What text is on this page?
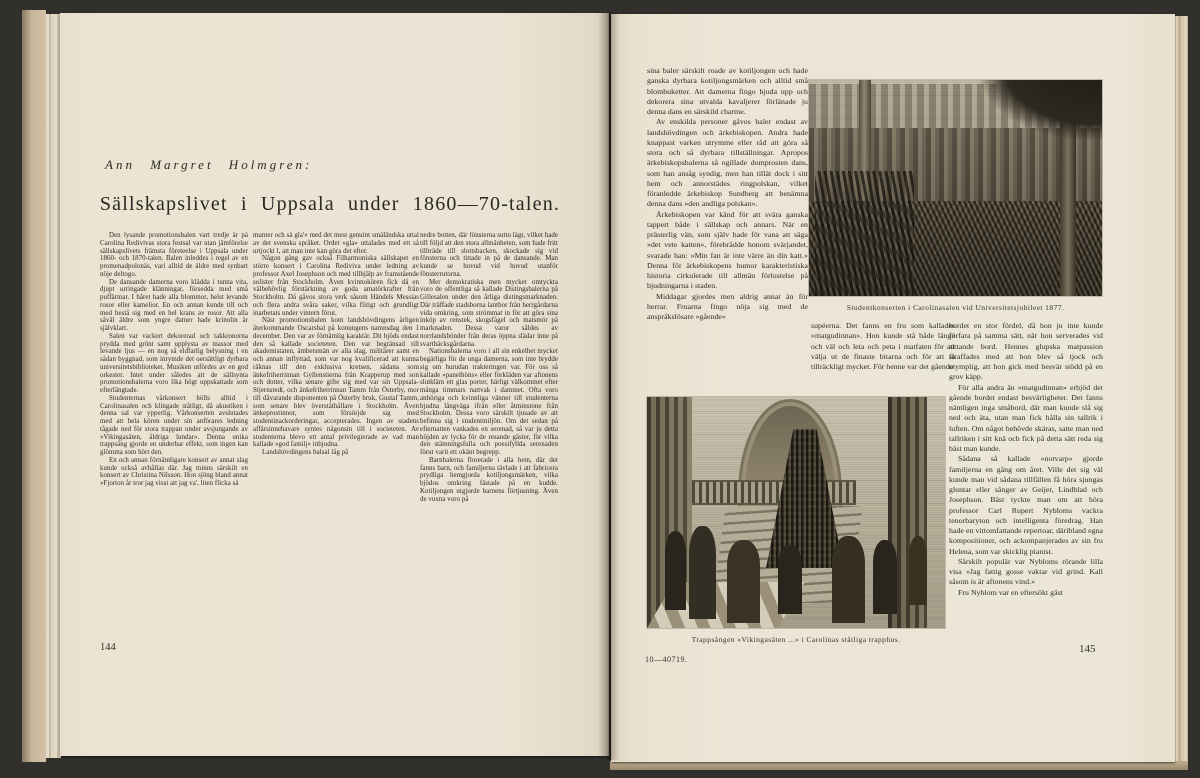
Ann Margret Holmgren:
Sällskapslivet i Uppsala under 1860—70-talen.

Den lysande promotionsbalen vart tredje år på Carolina Redivivas stora festsal var utan jämförelse sällskapslivets främsta företeelse i Uppsala under 1860- och 1870-talen. Balen inleddes i regel av en promenadpolonäs, vari alltid de äldre med synbart nöje deltogo.

De dansande damerna voro klädda i tunna vita, djupt urringade klänningar, försedda med små puffärmar. I håret hade alla blommor, helst levande rosor eller kamelior. En och annan kunde till och med bestå sig med en hel krans av rosor. Att alla såväl äldre som yngre damer hade krinolin är självklart.

Salen var vackert dekorerad och takkronorna prydda med grönt samt upplysta av massor med levande ljus — en nog så eldfarlig belysning i en sådan byggnad, som inrymde det oersättligt dyrbara universitetsbiblioteket. Musiken utfördes av en god orkester. Intet under således att de sällsynta promotionsbalerna voro lika högt uppskattade som efterlängtade.

Studenternas vårkonsert hölls alltid i Carolinasalen och klingade ståtligt, då akustiken i denna sal var ypperlig. Vårkonserten avslutades med att hela kören under sin anförares ledning tågade ned för stora trappan under avsjungande av »Vikingasäten, åldriga lundar». Denna unika trappsång gjorde en underbar effekt, som ingen kan glömma som hört den.

En och annan förnämligare konsert av annat slag kunde också avhållas där. Jag minns särskilt en konsert av Christina Nilsson. Hon sjöng bland annat »Fjorton år tror jag visst att jag va', liten flicka så

munter och så gla'» med det mest genuint småländska uttal av det svenska språket. Ordet »gla» uttalades med ett så urtjockt l, att man inte kan göra det efter.

Någon gång gav också Filharmoniska sällskapet en större konsert i Carolina Rediviva under ledning av professor Axel Josephson och med tillhjälp av framstående solister från Stockholm. Även kvinnokören fick då en välbehövlig förstärkning av goda amatörkrafter från Stockholm. Då gåvos stora verk såsom Händels Messias och flera andra svåra saker, vilka flitigt och grundligt inarbetats under vintern förut.

Näst promotionsbalen kom landshövdingens årligen återkommande Oscarsbal på konungens namnsdag den 1 december. Den var av förnämlig karaktär. Dit bjöds endast den så kallade societeten. Den var begränsad till akademistaten, ämbetsmän av alla slag, militärer samt en och annan inflyttad, som var nog kvalificerad att kunna räknas till den exklusiva kretsen, sådana som änkefriherrinnan Gyllenstierna från Krapperup med son och dotter, vilka senare gifte sig med var sin Uppsala-Stjernstedt, och änkefriherrinnan Tamm från Österby, mor till dåvarande disponenten på Österby bruk, Gustaf Tamm, som senare blev överståthållare i Stockholm. Även änkeprostinnor, som försörjde sig med studentinackorderingar, accepterades. Ingen av stadens affärsinnehavare syntes någonsin till i societeten. Av studenterna blevo ett antal privilegierade av vad man kallade »god familj» inbjudna.

Landshövdingens balsal låg på

nedre botten, där fönsterna sutto lågt, vilket hade till följd att den stora allmänheten, som hade fritt tillträde till slottsbacken, skockade sig vid fönsterna och tittade in på de dansande. Man kunde se huvud vid huvud utanför fönsterrutorna.

Mer demokratiska men mycket omtyckta voro de offentliga så kallade Distingsbalerna på Gillesalen under den årliga distingsmarknaden. Där träffade stadsborna lantbor från herrgårdarna vida omkring, som strömmat in för att göra sina inköp av renstek, skogsfågel och matsmör på marknaden. Dessa varor såldes av norrlandsbönder från deras öppna slädar inne på svartbäcksgårdarna.

Nationsbalerna voro i all sin enkelhet mycket begärliga för de unga damerna, som inte brydde sig om hurudan trakteringen var. För oss så kallade »panelhöns» eller förkläden var aftonens slutkläm ett glas porter, härligt välkommet efter många timmars nattvak i dammet. Ofta voro anhöriga och kvinnliga vänner till studenterna bjudna långväga ifrån eller åtminstone från Stockholm. Dessa voro särskilt tjusade av att befinna sig i studentmiljön. Om det sedan på efternatten vankades en serenad, så var ju detta höjden av lycka för de resande gäster, för vilka den stämningsfulla och poesifyllda serenaden förut varit ett okänt begrepp.

Barnbalerna florerade i alla hem, där det fanns barn, och familjerna tävlade i att fabricera prydliga hemgjorda kotiljongsmärken, vilka bjödos omkring fästade på en kudde. Kotiljongen utgjorde barnens förtjusning. Även de vuxna voro på

144

sina baler särskilt roade av kotiljongen och hade ganska dyrbara kotiljongsmärken och alltid små blombuketter. Att damerna fingo bjuda upp och dekorera sina utvalda kavaljerer förlänade ju denna dans en särskild charme.

Av enskilda personer gåvos baler endast av landshövdingen och ärkebiskopen. Andra hade knappast varken utrymme eller råd att göra så stora och så dyrbara tillställningar. Apropos ärkebiskopsbalerna så ogillade domprosten dans, som han ansåg syndig, men han tillät dock i sitt hem och annorstädes ringpolskan, vilket föranledde ärkebiskop Sundberg att benämna denna dans »den andliga polskan».

Ärkebiskopen var känd för att svära ganska tappert både i sällskap och annars. När en prästerlig vän, som själv hade för vana att säga »det vete katten», förebrådde honom svärjandet, svarade han: »Min fan är inte värre än din katt.» Denna för ärkebiskopens humor karakteristiska historia cirkulerade till allmän förlustelse på bjudningarna i staden.

Middagar gjordes men aldrig annat än för herrar. Fruarna fingo nöja sig med de anspråkslösare »gående»

Studentkonserten i Carolinasalen vid Universitetsjubileet 1877.

supéerna. Det fanns en fru som kallades »matgudinnan». Hon kunde stå både länge och väl och leta och peta i matfaten för att välja ut de finaste bitarna och för att få tillräckligt mycket. För henne var det gående

bordet en stor fördel, då hon ju inte kunde förfara på samma sätt, när hon serverades vid sittande bord. Hennes glupska matpassion straffades med att hon blev så tjock och otymplig, att hon gick med besvär stödd på en grov käpp.

För alla andra än »matgudinnan» erbjöd det gående bordet endast besvärligheter. Det fanns nämligen inga småbord, där man kunde slå sig ned och äta, utan man fick hålla sin tallrik i luften. Om något behövde skäras, satte man ned tallriken i sitt knä och fick på detta sätt reda sig bäst man kunde.

Sådana så kallade »notvarp» gjorde familjerna en gång om året. Ville det sig väl kunde man vid sådana tillfällen få höra sjungas gluntar eller sånger av Geijer, Lindblad och Josephson. Bäst tyckte man om att höra professor Carl Rupert Nybloms vackra tenorbaryton och intelligenta föredrag. Han hade en vittomfattande repertoar, däribland egna kompositioner, och ackompanjerades av sin fru Helena, som var skicklig pianist.

Särskilt populär var Nybloms rörande lilla visa »Jag fattig gosse vaktar vid grind. Kall såsom is är aftonens vind.»

Fru Nyblom var en eftersökt gäst

Trappsången »Vikingasäten ...» i Carolinas ståtliga trapphus.
10—40719.
145
